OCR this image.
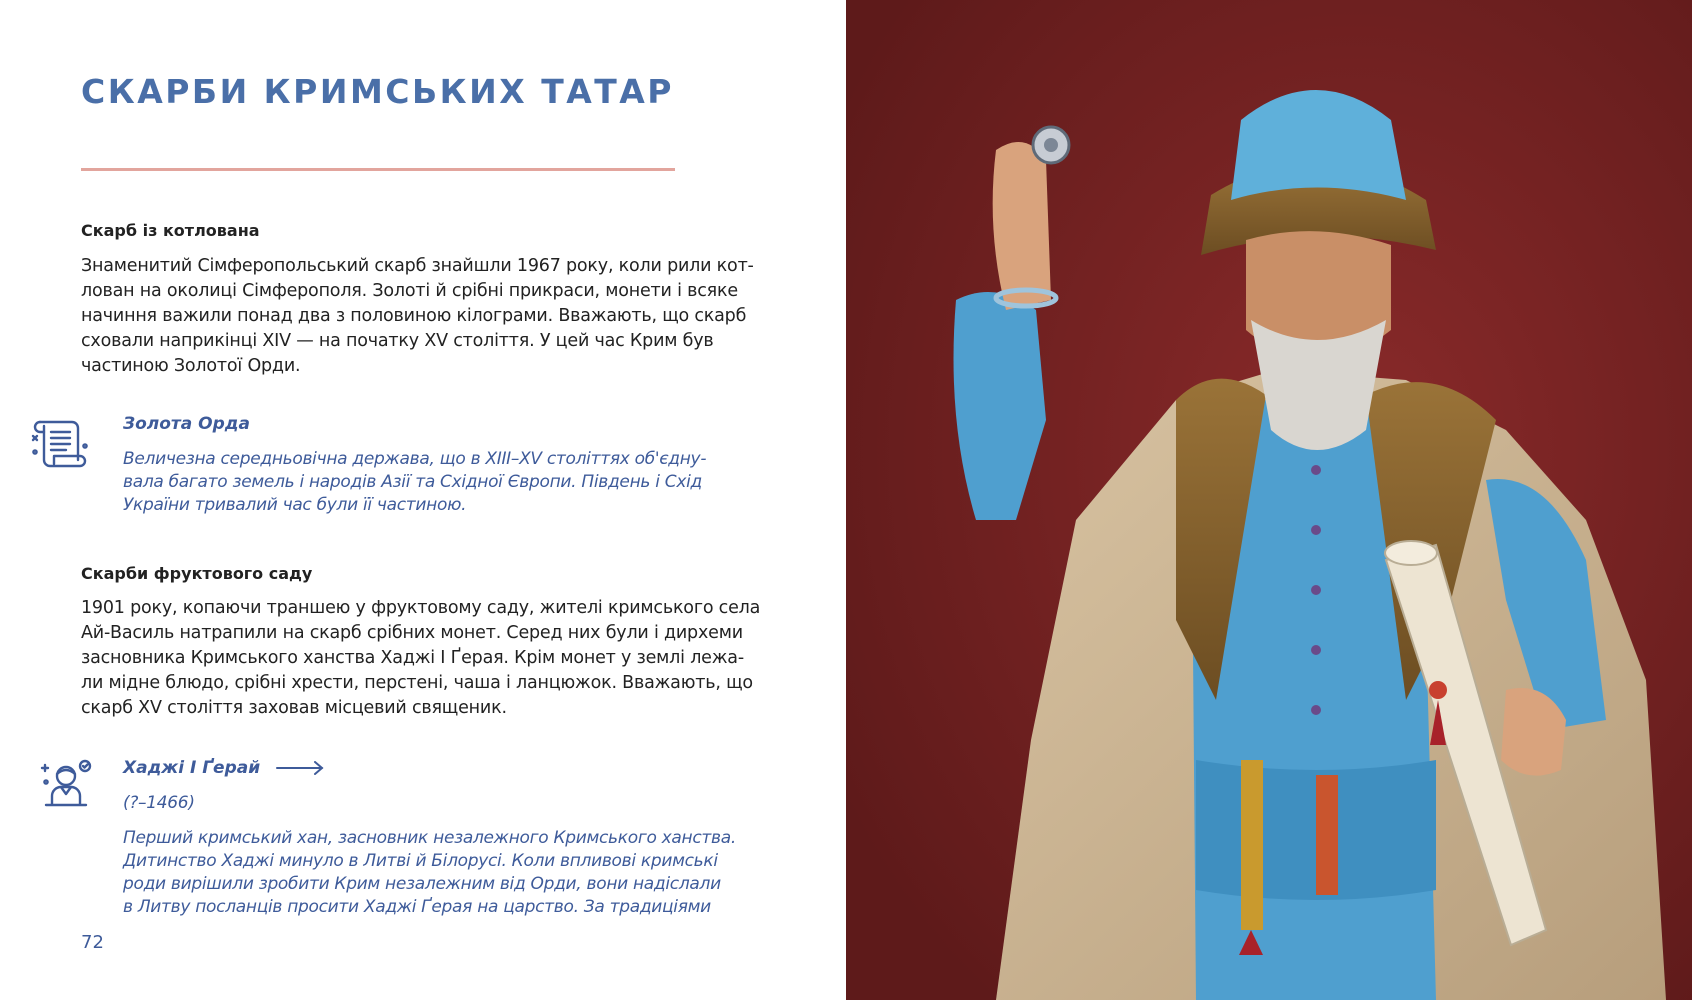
СКАРБИ КРИМСЬКИХ ТАТАР
Скарб із котлована

Знаменитий Сімферопольський скарб знайшли 1967 року, коли рили кот-
лован на околиці Сімферополя. Золоті й срібні прикраси, монети і всяке
начиння важили понад два з половиною кілограми. Вважають, що скарб
сховали наприкінці XIV — на початку XV століття. У цей час Крим був
частиною Золотої Орди.

Золота Орда

Величезна середньовічна держава, що в XIII–XV століттях об'єдну-
вала багато земель і народів Азії та Східної Європи. Південь і Схід
України тривалий час були її частиною.

Скарби фруктового саду

1901 року, копаючи траншею у фруктовому саду, жителі кримського села
Ай-Василь натрапили на скарб срібних монет. Серед них були і дирхеми
засновника Кримського ханства Хаджі І Ґерая. Крім монет у землі лежа-
ли мідне блюдо, срібні хрести, перстені, чаша і ланцюжок. Вважають, що
скарб XV століття заховав місцевий священик.

Хаджі І Ґерай

(?–1466)

Перший кримський хан, засновник незалежного Кримського ханства.
Дитинство Хаджі минуло в Литві й Білорусі. Коли впливові кримські
роди вирішили зробити Крим незалежним від Орди, вони надіслали
в Литву посланців просити Хаджі Ґерая на царство. За традиціями

72
